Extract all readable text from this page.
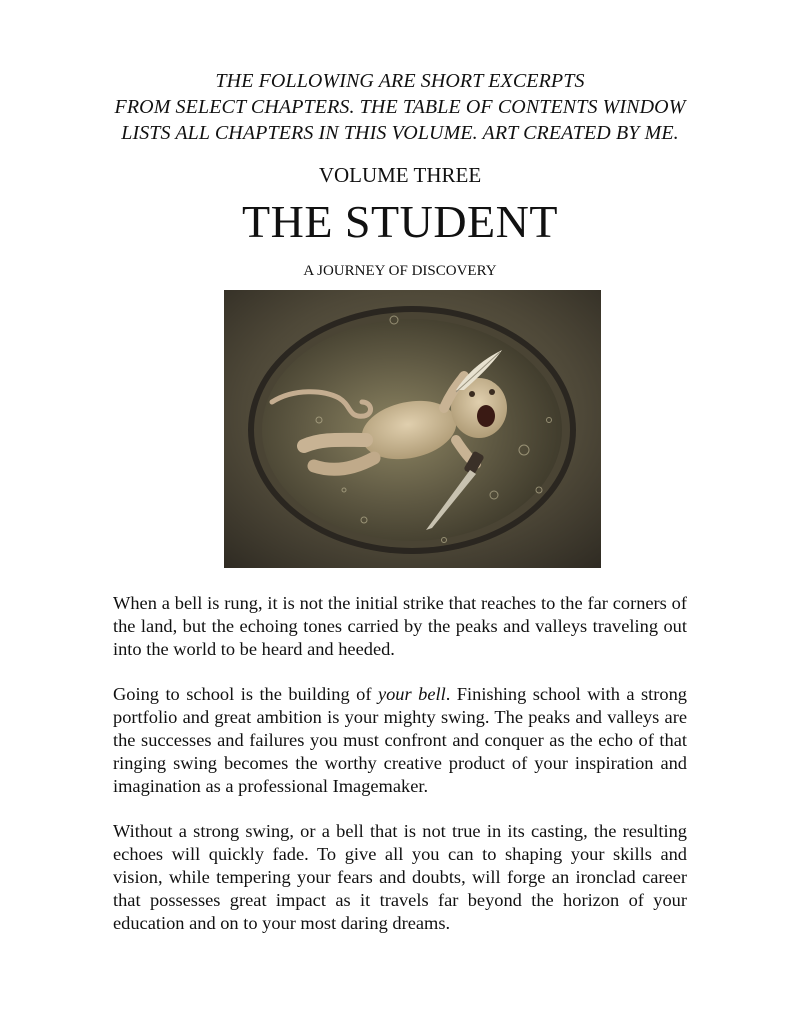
THE FOLLOWING ARE SHORT EXCERPTS
FROM SELECT CHAPTERS. THE TABLE OF CONTENTS WINDOW
LISTS ALL CHAPTERS IN THIS VOLUME. ART CREATED BY ME.
VOLUME THREE
THE STUDENT
A JOURNEY OF DISCOVERY

When a bell is rung, it is not the initial strike that reaches to the far corners of the land, but the echoing tones carried by the peaks and valleys traveling out into the world to be heard and heeded.

Going to school is the building of your bell. Finishing school with a strong portfolio and great ambition is your mighty swing. The peaks and valleys are the successes and failures you must confront and conquer as the echo of that ringing swing becomes the worthy creative product of your inspiration and imagination as a professional Imagemaker.

Without a strong swing, or a bell that is not true in its casting, the resulting echoes will quickly fade. To give all you can to shaping your skills and vision, while tempering your fears and doubts, will forge an ironclad career that possesses great impact as it travels far beyond the horizon of your education and on to your most daring dreams.
